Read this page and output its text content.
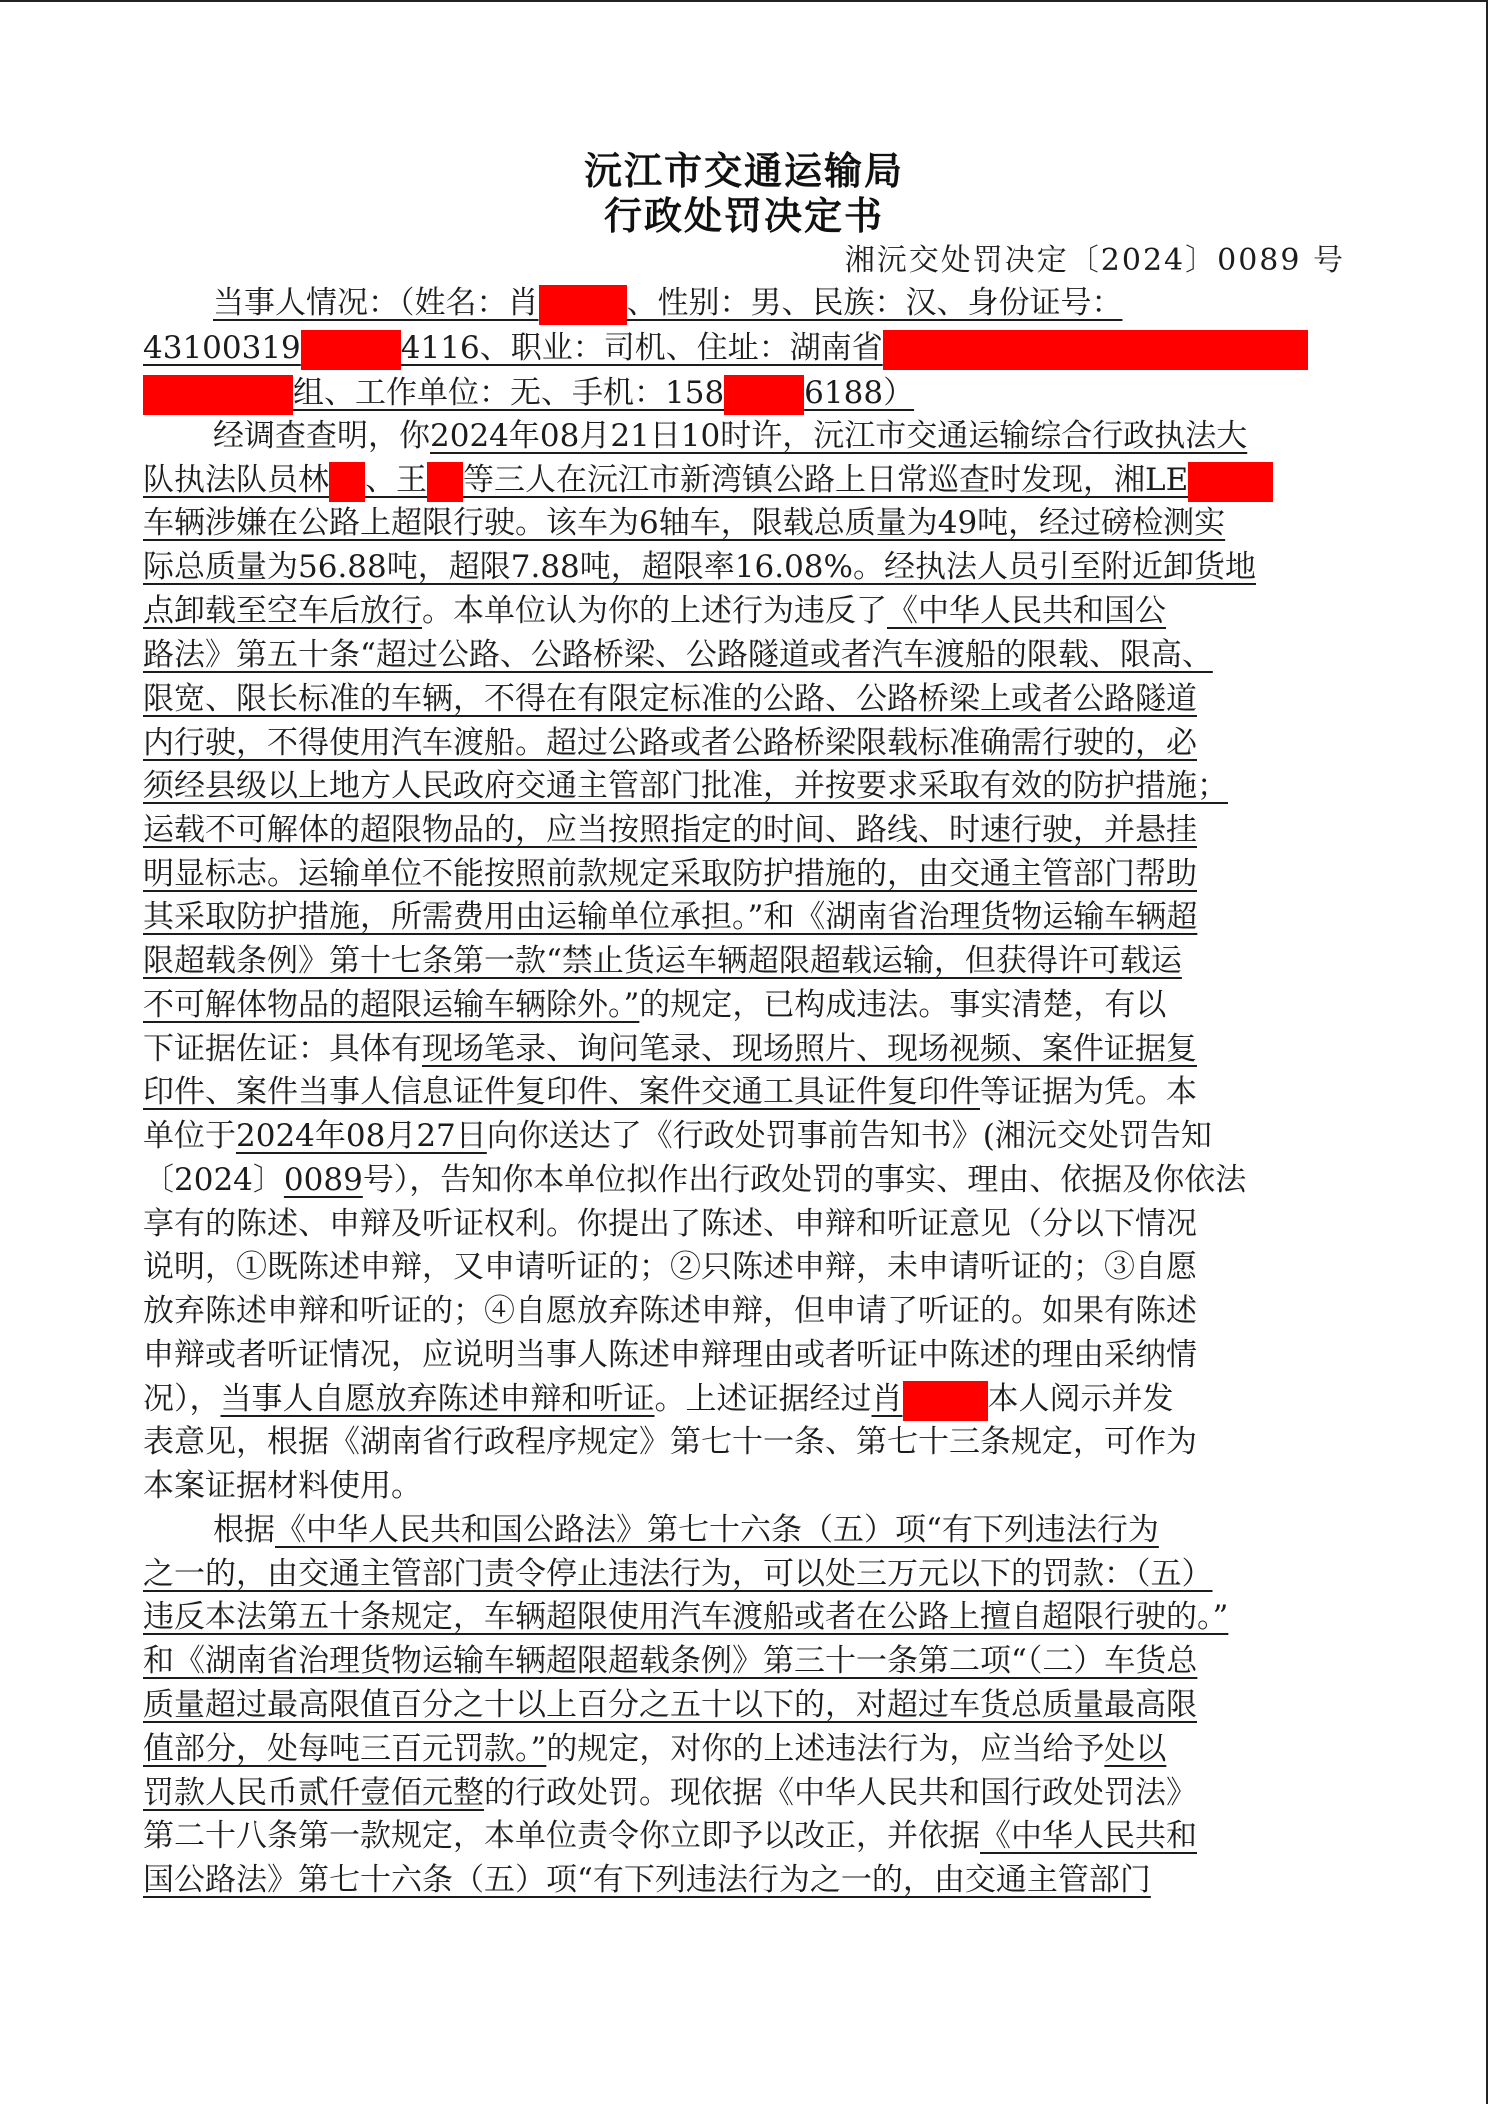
沅江市交通运输局
行政处罚决定书
湘沅交处罚决定〔2024〕0089 号
当事人情况：（姓名：肖	、性别：男、民族：汉、身份证号：
43100319	4116、职业：司机、住址：湖南省
组、工作单位：无、手机：158	6188）
经调查查明，你2024年08月21日10时许，沅江市交通运输综合行政执法大
队执法队员林 、王 等三人在沅江市新湾镇公路上日常巡查时发现，湘LE
车辆涉嫌在公路上超限行驶。该车为6轴车，限载总质量为49吨，经过磅检测实
际总质量为56.88吨，超限7.88吨，超限率16.08%。经执法人员引至附近卸货地
点卸载至空车后放行。本单位认为你的上述行为违反了《中华人民共和国公
路法》第五十条“超过公路、公路桥梁、公路隧道或者汽车渡船的限载、限高、
限宽、限长标准的车辆，不得在有限定标准的公路、公路桥梁上或者公路隧道
内行驶，不得使用汽车渡船。超过公路或者公路桥梁限载标准确需行驶的，必
须经县级以上地方人民政府交通主管部门批准，并按要求采取有效的防护措施；
运载不可解体的超限物品的，应当按照指定的时间、路线、时速行驶，并悬挂
明显标志。运输单位不能按照前款规定采取防护措施的，由交通主管部门帮助
其采取防护措施，所需费用由运输单位承担。”和《湖南省治理货物运输车辆超
限超载条例》第十七条第一款“禁止货运车辆超限超载运输，但获得许可载运
不可解体物品的超限运输车辆除外。”的规定，已构成违法。事实清楚，有以
下证据佐证：具体有现场笔录、询问笔录、现场照片、现场视频、案件证据复
印件、案件当事人信息证件复印件、案件交通工具证件复印件等证据为凭。本
单位于2024年08月27日向你送达了《行政处罚事前告知书》(湘沅交处罚告知
〔2024〕0089号），告知你本单位拟作出行政处罚的事实、理由、依据及你依法
享有的陈述、申辩及听证权利。你提出了陈述、申辩和听证意见（分以下情况
说明，①既陈述申辩，又申请听证的；②只陈述申辩，未申请听证的；③自愿
放弃陈述申辩和听证的；④自愿放弃陈述申辩，但申请了听证的。如果有陈述
申辩或者听证情况，应说明当事人陈述申辩理由或者听证中陈述的理由采纳情
况），当事人自愿放弃陈述申辩和听证。上述证据经过肖	本人阅示并发
表意见，根据《湖南省行政程序规定》第七十一条、第七十三条规定，可作为
本案证据材料使用。
根据《中华人民共和国公路法》第七十六条（五）项“有下列违法行为
之一的，由交通主管部门责令停止违法行为，可以处三万元以下的罚款：（五）
违反本法第五十条规定，车辆超限使用汽车渡船或者在公路上擅自超限行驶的。”
和《湖南省治理货物运输车辆超限超载条例》第三十一条第二项“（二）车货总
质量超过最高限值百分之十以上百分之五十以下的，对超过车货总质量最高限
值部分，处每吨三百元罚款。”的规定，对你的上述违法行为，应当给予处以
罚款人民币贰仟壹佰元整的行政处罚。现依据《中华人民共和国行政处罚法》
第二十八条第一款规定，本单位责令你立即予以改正，并依据《中华人民共和
国公路法》第七十六条（五）项“有下列违法行为之一的，由交通主管部门
